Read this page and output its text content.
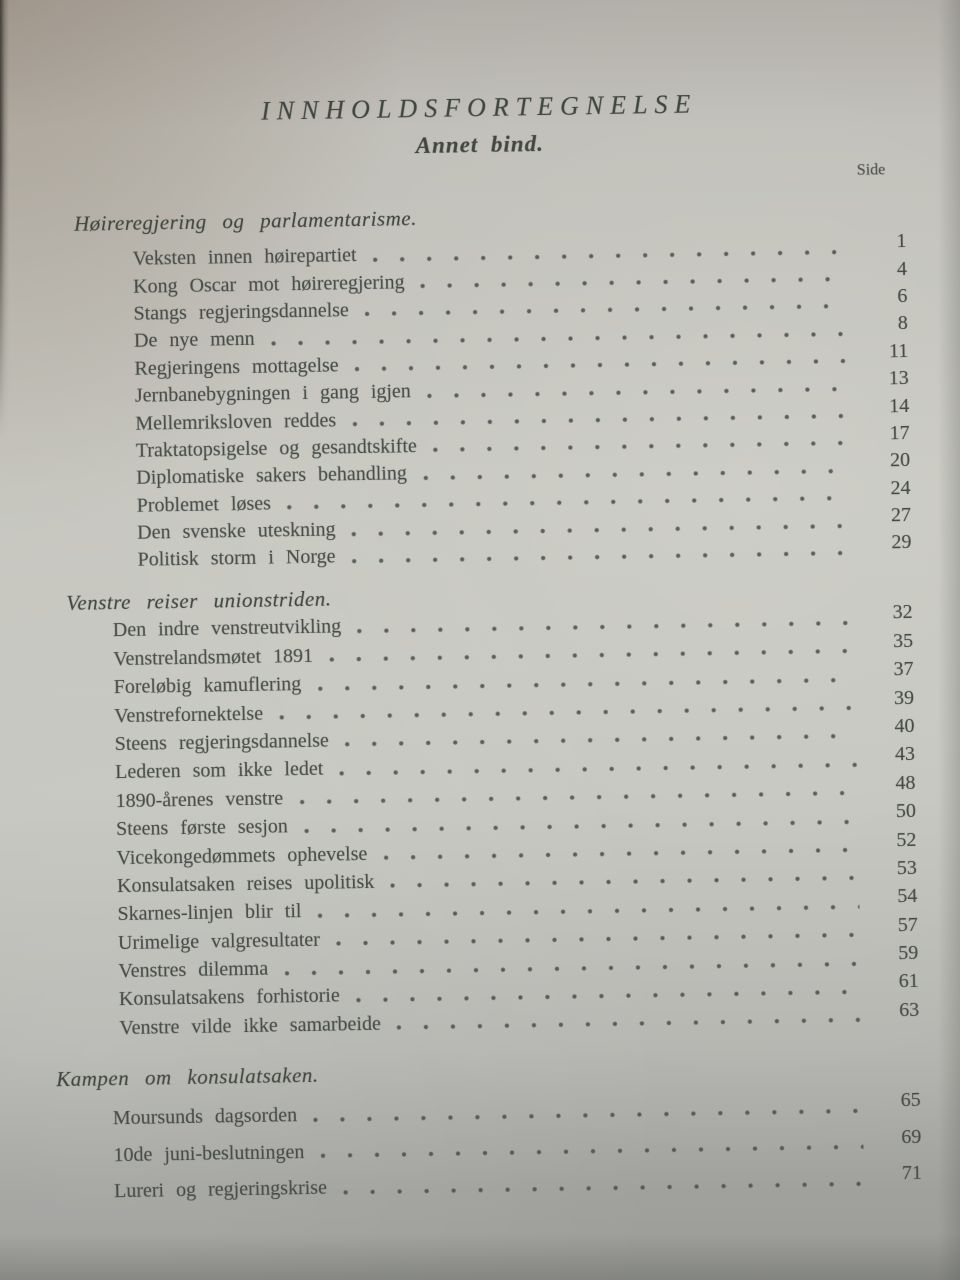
INNHOLDSFORTEGNELSE
Annet bind.
Side
Høireregjering og parlamentarisme.
Veksten innen høirepartiet
1
Kong Oscar mot høireregjering
4
Stangs regjeringsdannelse
6
De nye menn
8
Regjeringens mottagelse
11
Jernbanebygningen i gang igjen
13
Mellemriksloven reddes
14
Traktatopsigelse og gesandtskifte
17
Diplomatiske sakers behandling
20
Problemet løses
24
Den svenske uteskning
27
Politisk storm i Norge
29
Venstre reiser unionstriden.
Den indre venstreutvikling
32
Venstrelandsmøtet 1891
35
Foreløbig kamuflering
37
Venstrefornektelse
39
Steens regjeringsdannelse
40
Lederen som ikke ledet
43
1890-årenes venstre
48
Steens første sesjon
50
Vicekongedømmets ophevelse
52
Konsulatsaken reises upolitisk
53
Skarnes-linjen blir til
54
Urimelige valgresultater
57
Venstres dilemma
59
Konsulatsakens forhistorie
61
Venstre vilde ikke samarbeide
63
Kampen om konsulatsaken.
Moursunds dagsorden
65
10de juni-beslutningen
69
Lureri og regjeringskrise
71
